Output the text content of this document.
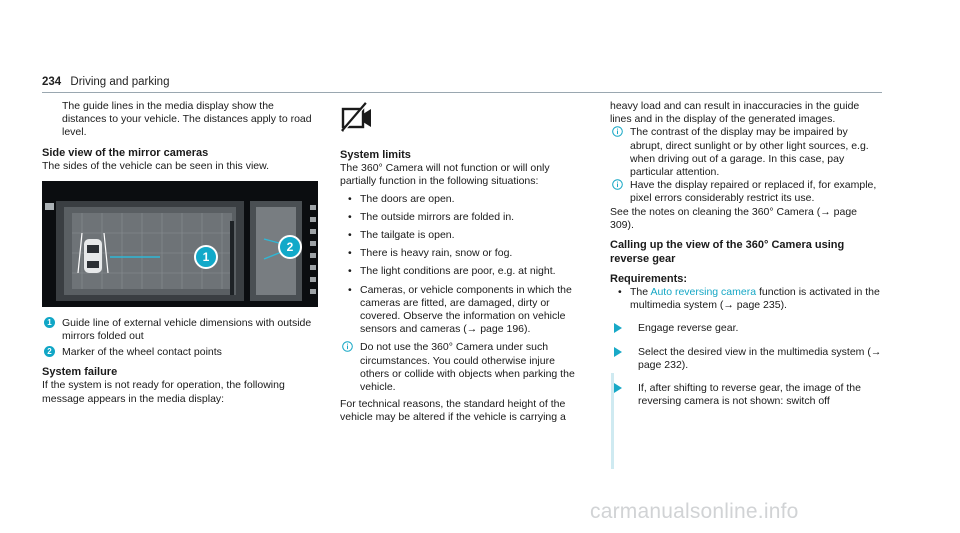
234 Driving and parking

The guide lines in the media display show the distances to your vehicle. The distances apply to road level.

Side view of the mirror cameras

The sides of the vehicle can be seen in this view.

1
2
1 Guide line of external vehicle dimensions with outside mirrors folded out
2 Marker of the wheel contact points
System failure

If the system is not ready for operation, the following message appears in the media display:

System limits

The 360° Camera will not function or will only partially function in the following situations:

• The doors are open.
• The outside mirrors are folded in.
• The tailgate is open.
• There is heavy rain, snow or fog.
• The light conditions are poor, e.g. at night.
• Cameras, or vehicle components in which the cameras are fitted, are damaged, dirty or covered. Observe the information on vehicle sensors and cameras (→ page 196).
Do not use the 360° Camera under such circumstances. You could otherwise injure others or collide with objects when parking the vehicle.

For technical reasons, the standard height of the vehicle may be altered if the vehicle is carrying a

heavy load and can result in inaccuracies in the guide lines and in the display of the generated images.

The contrast of the display may be impaired by abrupt, direct sunlight or by other light sources, e.g. when driving out of a garage. In this case, pay particular attention.
Have the display repaired or replaced if, for example, pixel errors considerably restrict its use.

See the notes on cleaning the 360° Camera (→ page 309).

Calling up the view of the 360° Camera using reverse gear
Requirements:
• The Auto reversing camera function is activated in the multimedia system (→ page 235).
Engage reverse gear.
Select the desired view in the multimedia system (→ page 232).
If, after shifting to reverse gear, the image of the reversing camera is not shown: switch off
carmanualsonline.info
